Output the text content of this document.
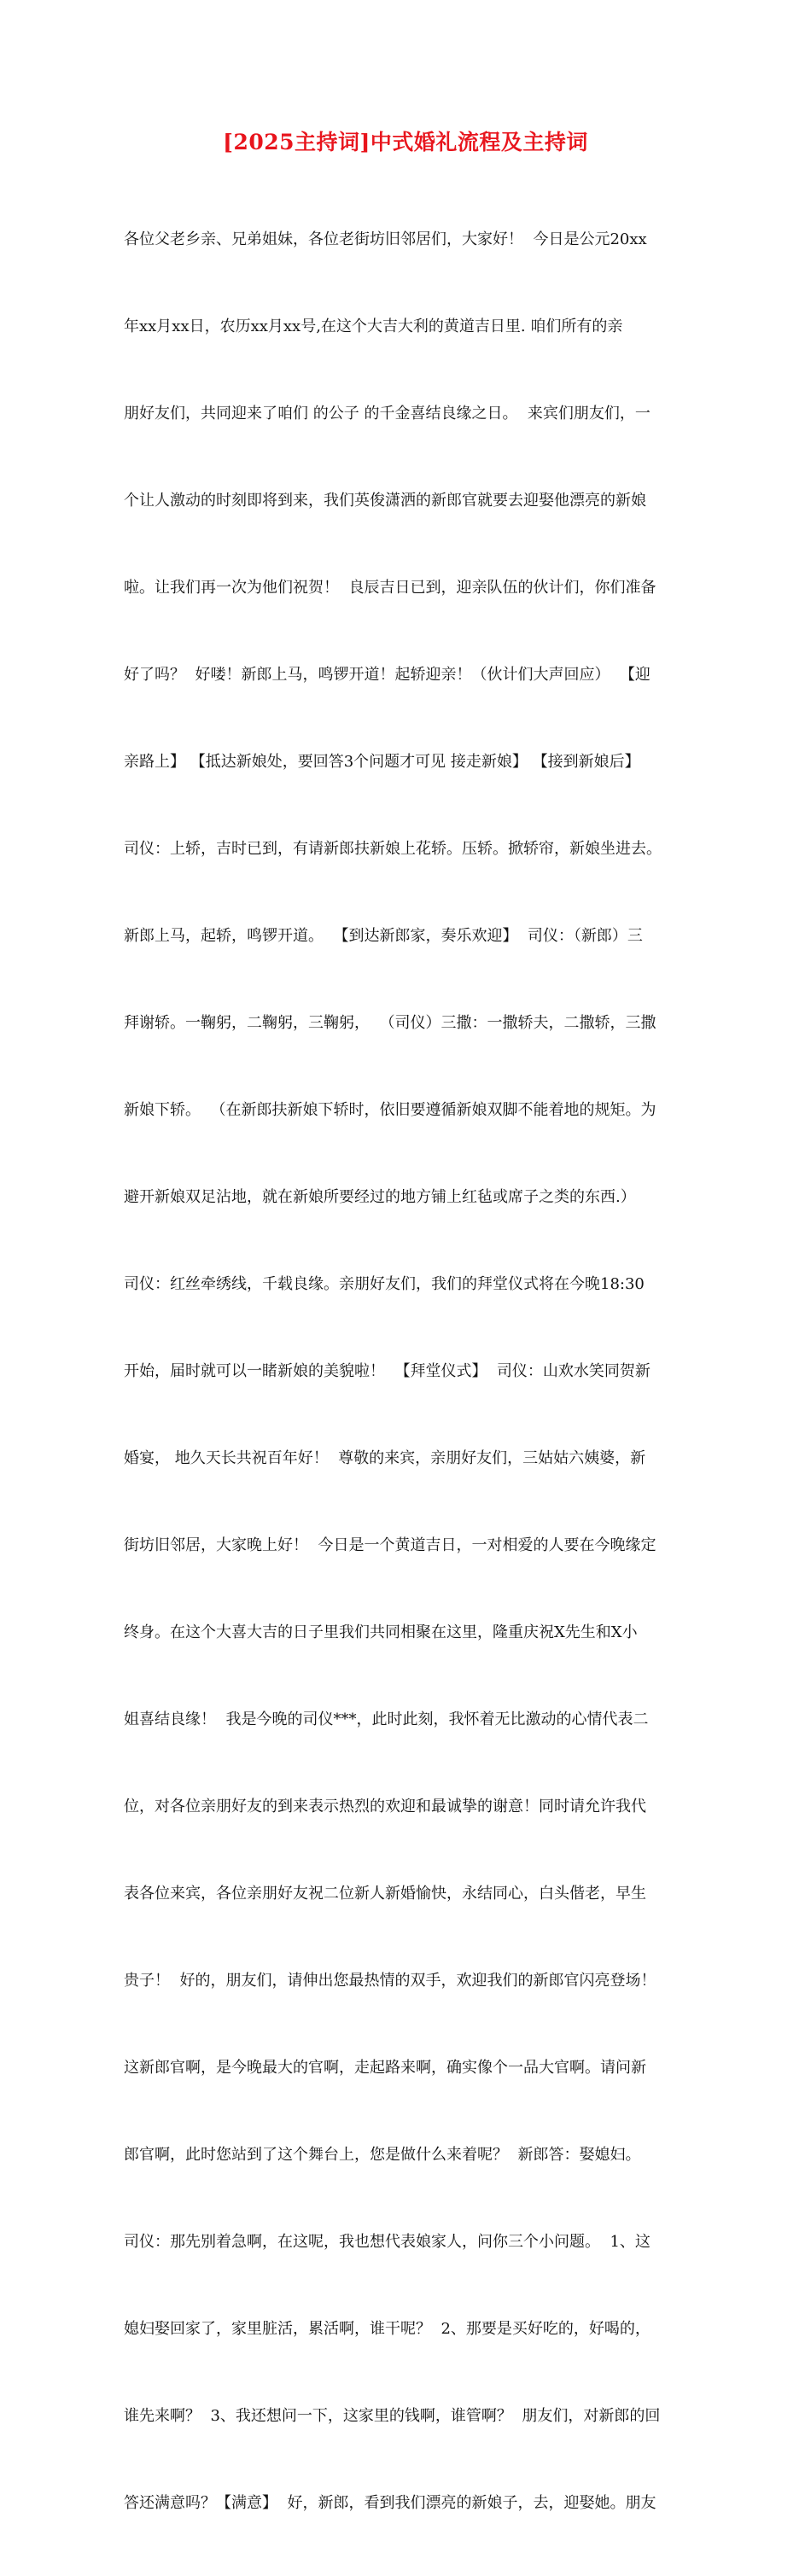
[2025主持词]中式婚礼流程及主持词

各位父老乡亲、兄弟姐妹，各位老街坊旧邻居们，大家好！  今日是公元20xx

年xx月xx日，农历xx月xx号,在这个大吉大利的黄道吉日里. 咱们所有的亲

朋好友们，共同迎来了咱们 的公子 的千金喜结良缘之日。  来宾们朋友们，一

个让人激动的时刻即将到来，我们英俊潇洒的新郎官就要去迎娶他漂亮的新娘

啦。让我们再一次为他们祝贺！  良辰吉日已到，迎亲队伍的伙计们，你们准备

好了吗？  好喽！新郎上马，鸣锣开道！起轿迎亲！（伙计们大声回应）  【迎

亲路上】 【抵达新娘处，要回答3个问题才可见 接走新娘】 【接到新娘后】

司仪：上轿，吉时已到，有请新郎扶新娘上花轿。压轿。掀轿帘，新娘坐进去。

新郎上马，起轿，鸣锣开道。  【到达新郎家，奏乐欢迎】  司仪：（新郎）三

拜谢轿。一鞠躬，二鞠躬，三鞠躬，  （司仪）三撒：一撒轿夫，二撒轿，三撒

新娘下轿。  （在新郎扶新娘下轿时，依旧要遵循新娘双脚不能着地的规矩。为

避开新娘双足沾地，就在新娘所要经过的地方铺上红毡或席子之类的东西.）

司仪：红丝牵绣线，千载良缘。亲朋好友们，我们的拜堂仪式将在今晚18:30

开始，届时就可以一睹新娘的美貌啦！  【拜堂仪式】  司仪：山欢水笑同贺新

婚宴， 地久天长共祝百年好！  尊敬的来宾，亲朋好友们，三姑姑六姨婆，新

街坊旧邻居，大家晚上好！  今日是一个黄道吉日，一对相爱的人要在今晚缘定

终身。在这个大喜大吉的日子里我们共同相聚在这里，隆重庆祝X先生和X小

姐喜结良缘！  我是今晚的司仪***，此时此刻，我怀着无比激动的心情代表二

位，对各位亲朋好友的到来表示热烈的欢迎和最诚挚的谢意！同时请允许我代

表各位来宾，各位亲朋好友祝二位新人新婚愉快，永结同心，白头偕老，早生

贵子！  好的，朋友们，请伸出您最热情的双手，欢迎我们的新郎官闪亮登场！

这新郎官啊，是今晚最大的官啊，走起路来啊，确实像个一品大官啊。请问新

郎官啊，此时您站到了这个舞台上，您是做什么来着呢？  新郎答：娶媳妇。

司仪：那先别着急啊，在这呢，我也想代表娘家人，问你三个小问题。  1、这

媳妇娶回家了，家里脏活，累活啊，谁干呢？  2、那要是买好吃的，好喝的，

谁先来啊？  3、我还想问一下，这家里的钱啊，谁管啊？  朋友们，对新郎的回

答还满意吗？【满意】  好，新郎，看到我们漂亮的新娘子，去，迎娶她。朋友
